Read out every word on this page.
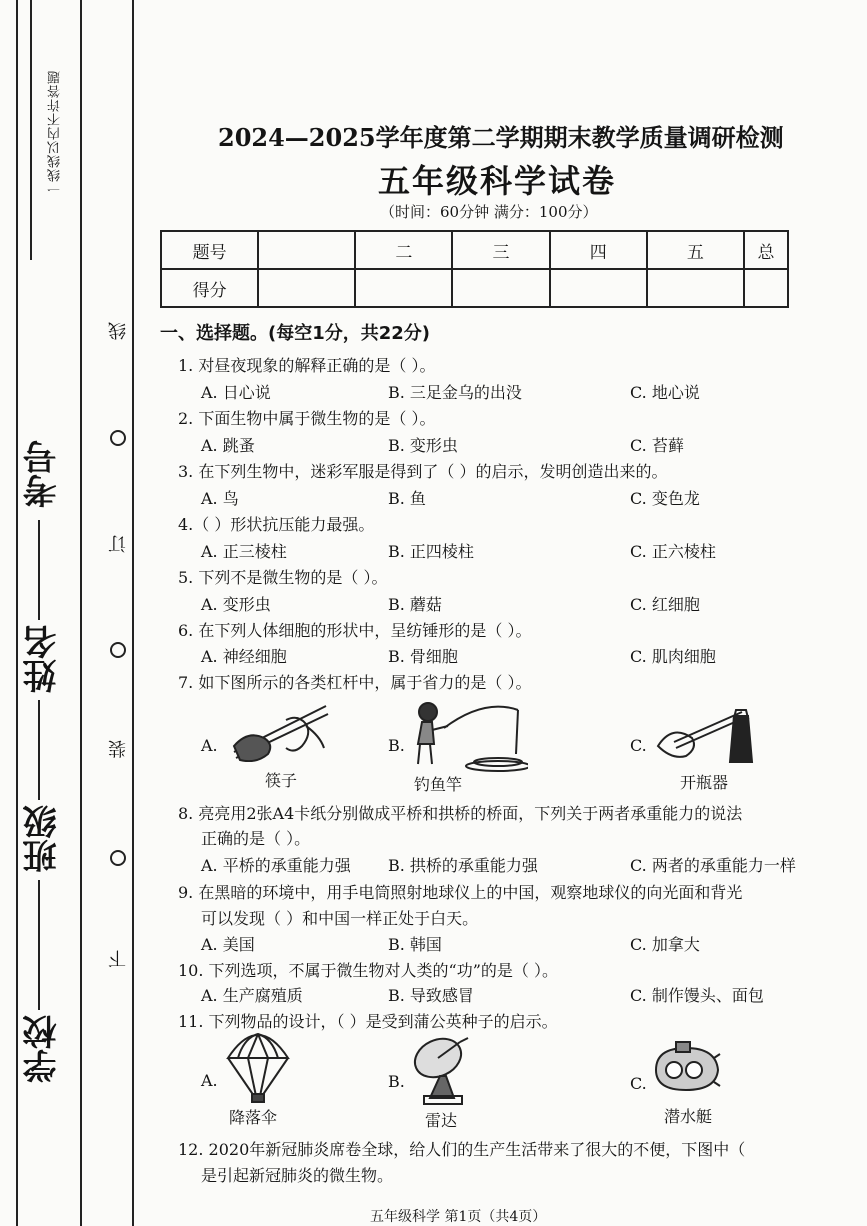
一线线以内不许答题
考号
姓名
班级
学校
线
订
装
下
2024—2025学年度第二学期期末教学质量调研检测
五年级科学试卷
（时间：60分钟 满分：100分）
题号		二	三	四	五	总
得分						
一、选择题。(每空1分，共22分)
1. 对昼夜现象的解释正确的是（ ）。
A. 日心说	B. 三足金乌的出没	C. 地心说
2. 下面生物中属于微生物的是（ ）。
A. 跳蚤	B. 变形虫	C. 苔藓
3. 在下列生物中，迷彩军服是得到了（ ）的启示，发明创造出来的。
A. 鸟	B. 鱼	C. 变色龙
4.（ ）形状抗压能力最强。
A. 正三棱柱	B. 正四棱柱	C. 正六棱柱
5. 下列不是微生物的是（ ）。
A. 变形虫	B. 蘑菇	C. 红细胞
6. 在下列人体细胞的形状中，呈纺锤形的是（ ）。
A. 神经细胞	B. 骨细胞	C. 肌肉细胞
7. 如下图所示的各类杠杆中，属于省力的是（ ）。
A.	B.	C.
筷子	钓鱼竿	开瓶器
8. 亮亮用2张A4卡纸分别做成平桥和拱桥的桥面，下列关于两者承重能力的说法
正确的是（ ）。
A. 平桥的承重能力强 B. 拱桥的承重能力强	C. 两者的承重能力一样
9. 在黑暗的环境中，用手电筒照射地球仪上的中国，观察地球仪的向光面和背光
可以发现（ ）和中国一样正处于白天。
A. 美国	B. 韩国	C. 加拿大
10. 下列选项，不属于微生物对人类的“功”的是（ ）。
A. 生产腐殖质	B. 导致感冒	C. 制作馒头、面包
11. 下列物品的设计，（ ）是受到蒲公英种子的启示。
A.	B.	C.
降落伞	雷达	潜水艇
12. 2020年新冠肺炎席卷全球，给人们的生产生活带来了很大的不便，下图中（
是引起新冠肺炎的微生物。
五年级科学 第1页（共4页）
